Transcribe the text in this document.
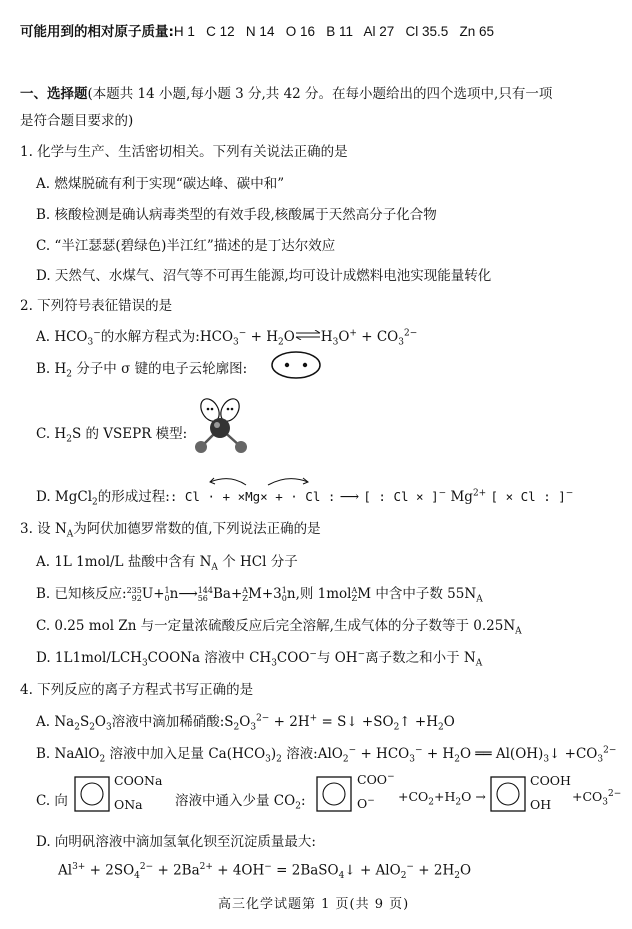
可能用到的相对原子质量:H 1   C 12   N 14   O 16   B 11   Al 27   Cl 35.5   Zn 65
一、选择题(本题共 14 小题,每小题 3 分,共 42 分。在每小题给出的四个选项中,只有一项
是符合题目要求的)
1. 化学与生产、生活密切相关。下列有关说法正确的是
A. 燃煤脱硫有利于实现“碳达峰、碳中和”
B. 核酸检测是确认病毒类型的有效手段,核酸属于天然高分子化合物
C. “半江瑟瑟(碧绿色)半江红”描述的是丁达尔效应
D. 天然气、水煤气、沼气等不可再生能源,均可设计成燃料电池实现能量转化
2. 下列符号表征错误的是
A. $HCO_3^-$的水解方程式为$:HCO_3^-$ + $H_2O\rightleftharpoons H_3O^+ + CO_3^{2-}$
B. $H_2$ 分子中 σ 键的电子云轮廓图:
C. $H_2S$ 的 VSEPR 模型:
D. MgCl$_2$的形成过程:: Cl · + ×Mg× + · Cl : ⟶ [ : Cl × ]− $Mg^{2+}$ [ × Cl : ]−
3. 设 $N_A$为阿伏加德罗常数的值,下列说法正确的是
A. 1L 1mol/L 盐酸中含有 $N_A$ 个 HCl 分子
B. 已知核反应:235
92U+1
0n⟶144
56 Ba+A
ZM+31
0n,则 1molA
ZM 中含中子数 $55N_A$
C. 0.25 mol Zn 与一定量浓硫酸反应后完全溶解,生成气体的分子数等于 $0.25N_A$
D. $1L1mol/LCH_3COONa$ 溶液中 $CH_3COO^-$与 OH−离子数之和小于 $N_A$
4. 下列反应的离子方程式书写正确的是
A. $Na_2S_2O_3$溶液中滴加稀硝酸$:S_2O_3^{2-} + 2H^+$ = S↓ $+SO_2↑ +H_2O$
B. NaAlO$_2$ 溶液中加入足量 $Ca(HCO_3)_2$ 溶液:AlO$_2$− + $HCO_3^- + H_2O$ ══ $Al(OH)_3↓ +CO_3^{2-}$
C. 向
COONa
ONa 溶液中通入少量 $CO_2$:
COO−
$O^- +CO_2+H_2O$ →
COOH
OH
$+CO_3^{2-}$
D. 向明矾溶液中滴加氢氧化钡至沉淀质量最大:
$Al^{3+} + 2SO_4^{2-} + 2Ba^{2+} + 4OH^-$ = 2BaSO$_4$↓ + $AlO_2^- + 2H_2O$
高三化学试题第 1 页(共 9 页)
